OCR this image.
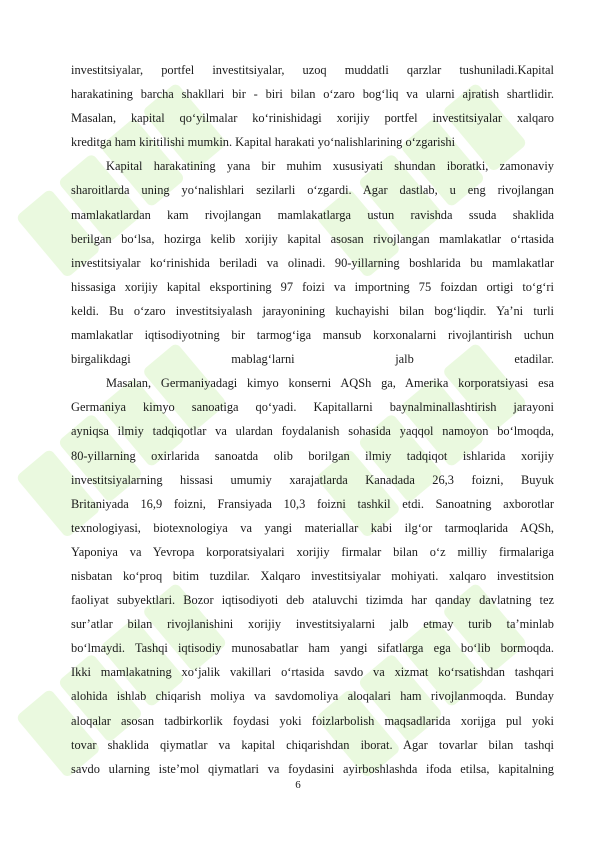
investitsiyalar, portfel investitsiyalar, uzoq muddatli qarzlar tushuniladi.Kapital
harakatining barcha shakllari bir - biri bilan o‘zaro bog‘liq va ularni ajratish shartlidir.
Masalan, kapital qo‘yilmalar ko‘rinishidagi xorijiy portfel investitsiyalar xalqaro
kreditga ham kiritilishi mumkin. Kapital harakati yo‘nalishlarining o‘zgarishi
Kapital harakatining yana bir muhim xususiyati shundan iboratki, zamonaviy
sharoitlarda uning yo‘nalishlari sezilarli o‘zgardi. Agar dastlab, u eng rivojlangan
mamlakatlardan kam rivojlangan mamlakatlarga ustun ravishda ssuda shaklida
berilgan bo‘lsa, hozirga kelib xorijiy kapital asosan rivojlangan mamlakatlar o‘rtasida
investitsiyalar ko‘rinishida beriladi va olinadi. 90-yillarning boshlarida bu mamlakatlar
hissasiga xorijiy kapital eksportining 97 foizi va importning 75 foizdan ortigi to‘g‘ri
keldi. Bu o‘zaro investitsiyalash jarayonining kuchayishi bilan bog‘liqdir. Ya’ni turli
mamlakatlar iqtisodiyotning bir tarmog‘iga mansub korxonalarni rivojlantirish uchun
birgalikdagi mablag‘larni jalb etadilar.
Masalan, Germaniyadagi kimyo konserni AQSh ga, Amerika korporatsiyasi esa
Germaniya kimyo sanoatiga qo‘yadi. Kapitallarni baynalminallashtirish jarayoni
ayniqsa ilmiy tadqiqotlar va ulardan foydalanish sohasida yaqqol namoyon bo‘lmoqda,
80-yillarning oxirlarida sanoatda olib borilgan ilmiy tadqiqot ishlarida xorijiy
investitsiyalarning hissasi umumiy xarajatlarda Kanadada 26,3 foizni, Buyuk
Britaniyada 16,9 foizni, Fransiyada 10,3 foizni tashkil etdi. Sanoatning axborotlar
texnologiyasi, biotexnologiya va yangi materiallar kabi ilg‘or tarmoqlarida AQSh,
Yaponiya va Yevropa korporatsiyalari xorijiy firmalar bilan o‘z milliy firmalariga
nisbatan ko‘proq bitim tuzdilar. Xalqaro investitsiyalar mohiyati. xalqaro investitsion
faoliyat subyektlari. Bozor iqtisodiyoti deb ataluvchi tizimda har qanday davlatning tez
sur’atlar bilan rivojlanishini xorijiy investitsiyalarni jalb etmay turib ta’minlab
bo‘lmaydi. Tashqi iqtisodiy munosabatlar ham yangi sifatlarga ega bo‘lib bormoqda.
Ikki mamlakatning xo‘jalik vakillari o‘rtasida savdo va xizmat ko‘rsatishdan tashqari
alohida ishlab chiqarish moliya va savdomoliya aloqalari ham rivojlanmoqda. Bunday
aloqalar asosan tadbirkorlik foydasi yoki foizlarbolish maqsadlarida xorijga pul yoki
tovar shaklida qiymatlar va kapital chiqarishdan iborat. Agar tovarlar bilan tashqi
savdo ularning iste’mol qiymatlari va foydasini ayirboshlashda ifoda etilsa, kapitalning
6
